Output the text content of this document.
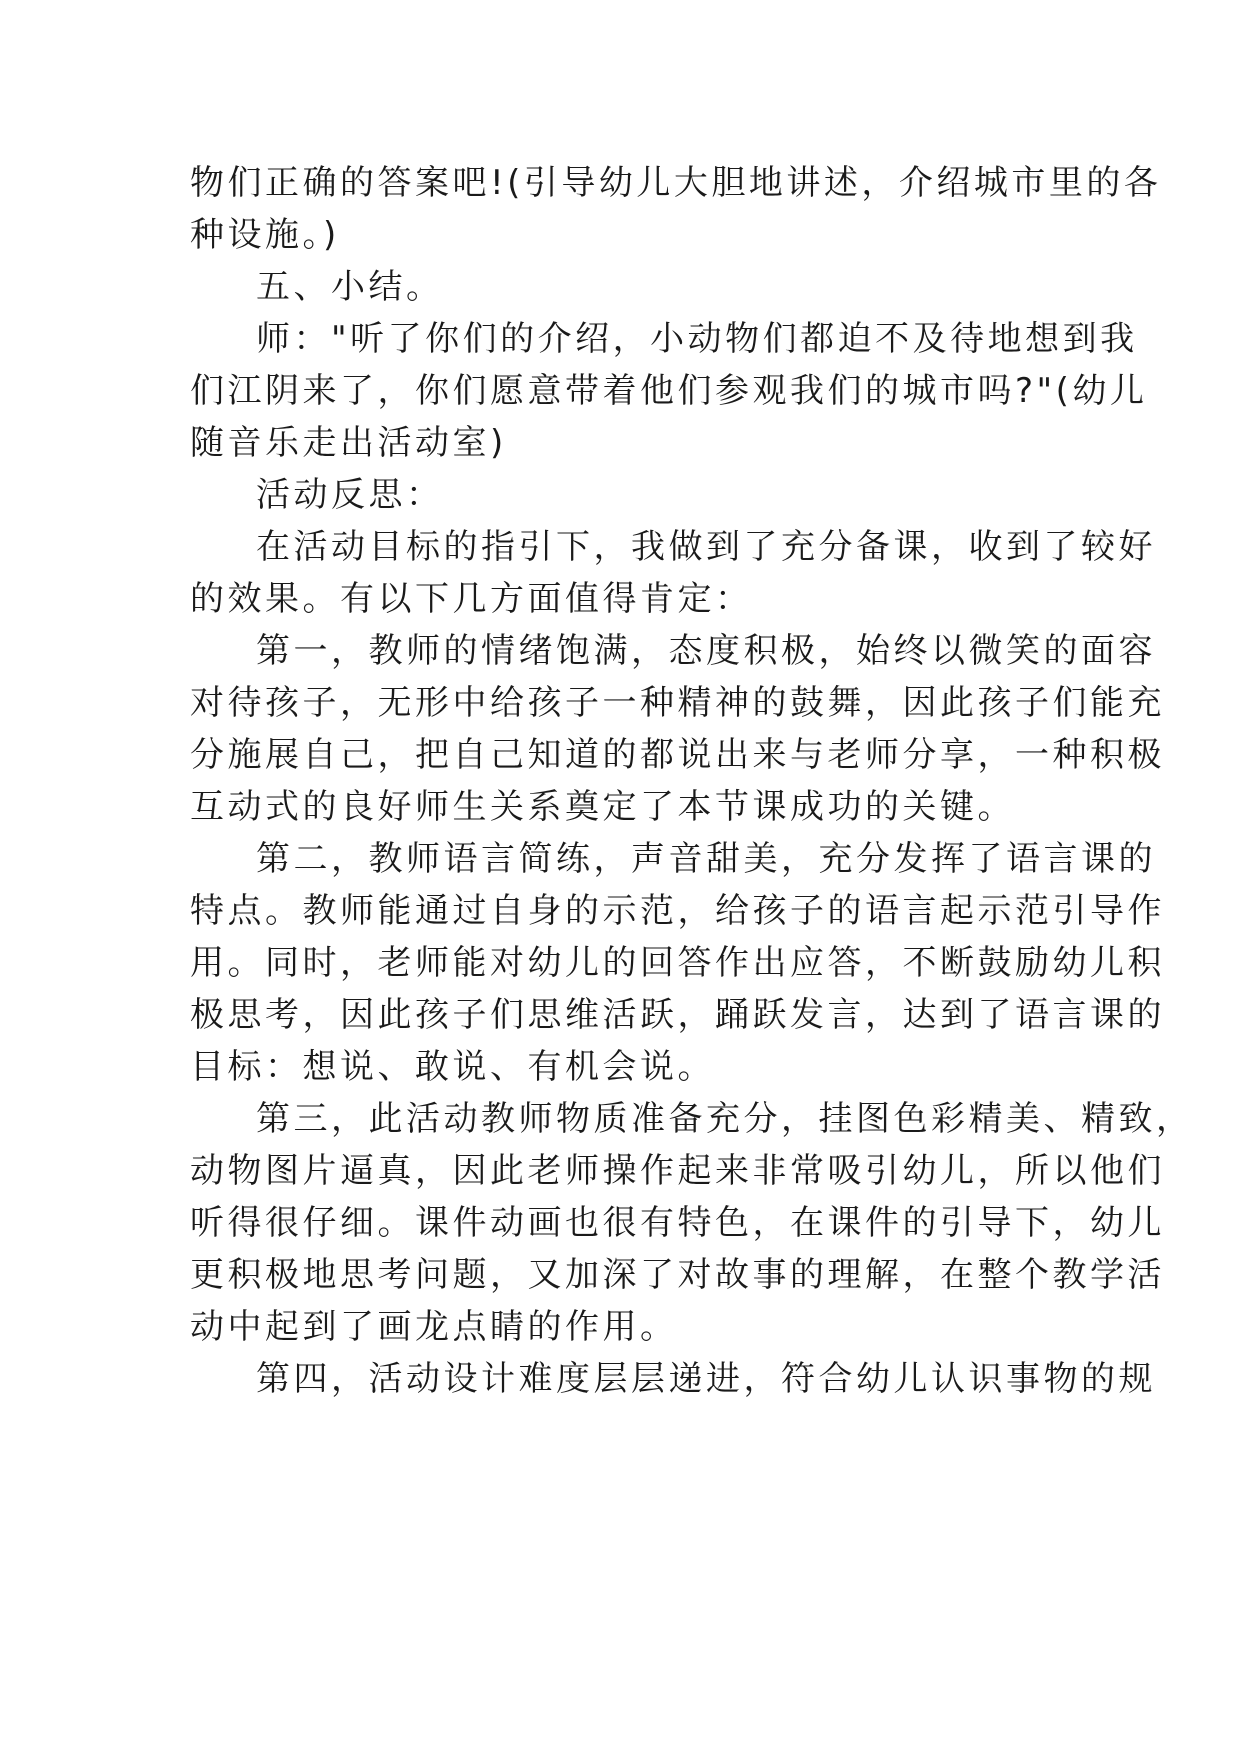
物们正确的答案吧!(引导幼儿大胆地讲述，介绍城市里的各
种设施。)
五、小结。
师："听了你们的介绍，小动物们都迫不及待地想到我
们江阴来了，你们愿意带着他们参观我们的城市吗?"(幼儿
随音乐走出活动室)
活动反思：
在活动目标的指引下，我做到了充分备课，收到了较好
的效果。有以下几方面值得肯定：
第一，教师的情绪饱满，态度积极，始终以微笑的面容
对待孩子，无形中给孩子一种精神的鼓舞，因此孩子们能充
分施展自己，把自己知道的都说出来与老师分享，一种积极
互动式的良好师生关系奠定了本节课成功的关键。
第二，教师语言简练，声音甜美，充分发挥了语言课的
特点。教师能通过自身的示范，给孩子的语言起示范引导作
用。同时，老师能对幼儿的回答作出应答，不断鼓励幼儿积
极思考，因此孩子们思维活跃，踊跃发言，达到了语言课的
目标：想说、敢说、有机会说。
第三，此活动教师物质准备充分，挂图色彩精美、精致，
动物图片逼真，因此老师操作起来非常吸引幼儿，所以他们
听得很仔细。课件动画也很有特色，在课件的引导下，幼儿
更积极地思考问题，又加深了对故事的理解，在整个教学活
动中起到了画龙点睛的作用。
第四，活动设计难度层层递进，符合幼儿认识事物的规
